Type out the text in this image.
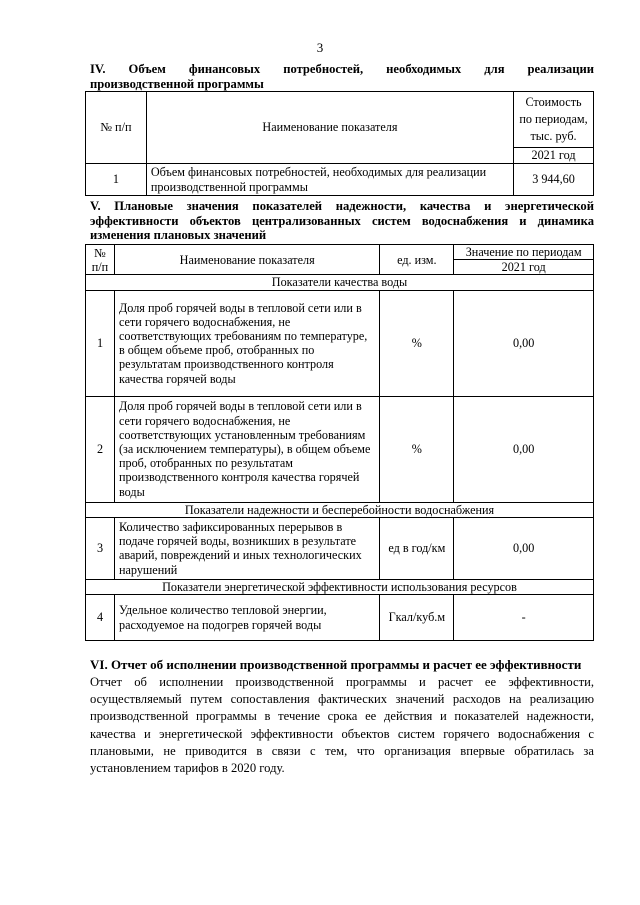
3
IV. Объем финансовых потребностей, необходимых для реализации
производственной программы
№ п/п	Наименование показателя	Стоимость по периодам, тыс. руб.
		2021 год
1	Объем финансовых потребностей, необходимых для реализации производственной программы	3 944,60
V. Плановые значения показателей надежности, качества и энергетической
эффективности объектов централизованных систем водоснабжения и динамика
изменения плановых значений
№ п/п	Наименование показателя	ед. изм.	Значение по периодам
			2021 год
Показатели качества воды			
1	Доля проб горячей воды в тепловой сети или в сети горячего водоснабжения, не соответствующих требованиям по температуре, в общем объеме проб, отобранных по результатам производственного контроля качества горячей воды	%	0,00
2	Доля проб горячей воды в тепловой сети или в сети горячего водоснабжения, не соответствующих установленным требованиям (за исключением температуры), в общем объеме проб, отобранных по результатам производственного контроля качества горячей воды	%	0,00
Показатели надежности и бесперебойности водоснабжения			
3	Количество зафиксированных перерывов в подаче горячей воды, возникших в результате аварий, повреждений и иных технологических нарушений	ед в год/км	0,00
Показатели энергетической эффективности использования ресурсов			
4	Удельное количество тепловой энергии, расходуемое на подогрев горячей воды	Гкал/куб.м	-
VI. Отчет об исполнении производственной программы и расчет ее эффективности
Отчет об исполнении производственной программы и расчет ее эффективности, осуществляемый путем сопоставления фактических значений расходов на реализацию производственной программы в течение срока ее действия и показателей надежности, качества и энергетической эффективности объектов систем горячего водоснабжения с плановыми, не приводится в связи с тем, что организация впервые обратилась за установлением тарифов в 2020 году.
